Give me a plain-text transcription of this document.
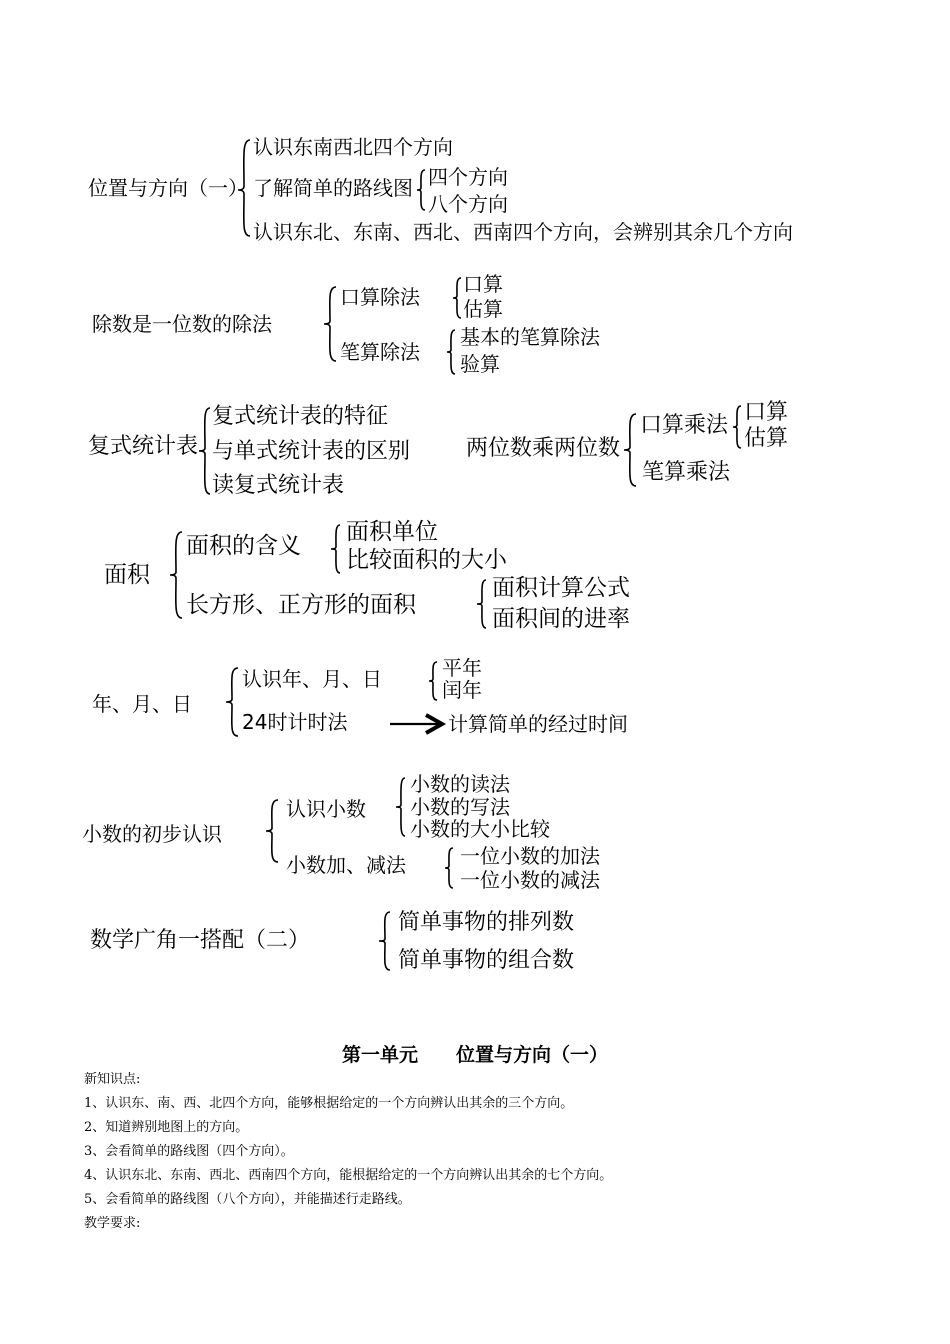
位置与方向（一）
认识东南西北四个方向
了解简单的路线图 四个方向
八个方向
认识东北、东南、西北、西南四个方向，会辨别其余几个方向
除数是一位数的除法
口算除法
口算
估算
笔算除法
基本的笔算除法
验算
复式统计表
复式统计表的特征
与单式统计表的区别
读复式统计表
两位数乘两位数
口算乘法
口算
估算
笔算乘法
面积
面积的含义
面积单位
比较面积的大小
长方形、正方形的面积
面积计算公式
面积间的进率
年、月、日
认识年、月、日	平年
闰年
24时计时法	计算简单的经过时间
小数的初步认识
认识小数
小数的读法
小数的写法
小数的大小比较
小数加、减法	一位小数的加法
一位小数的减法
数学广角一搭配（二）
简单事物的排列数
简单事物的组合数
第一单元　　位置与方向（一）
新知识点:
1、认识东、南、西、北四个方向，能够根据给定的一个方向辨认出其余的三个方向。
2、知道辨别地图上的方向。
3、会看简单的路线图（四个方向）。
4、认识东北、东南、西北、西南四个方向，能根据给定的一个方向辨认出其余的七个方向。
5、会看简单的路线图（八个方向），并能描述行走路线。
教学要求:
